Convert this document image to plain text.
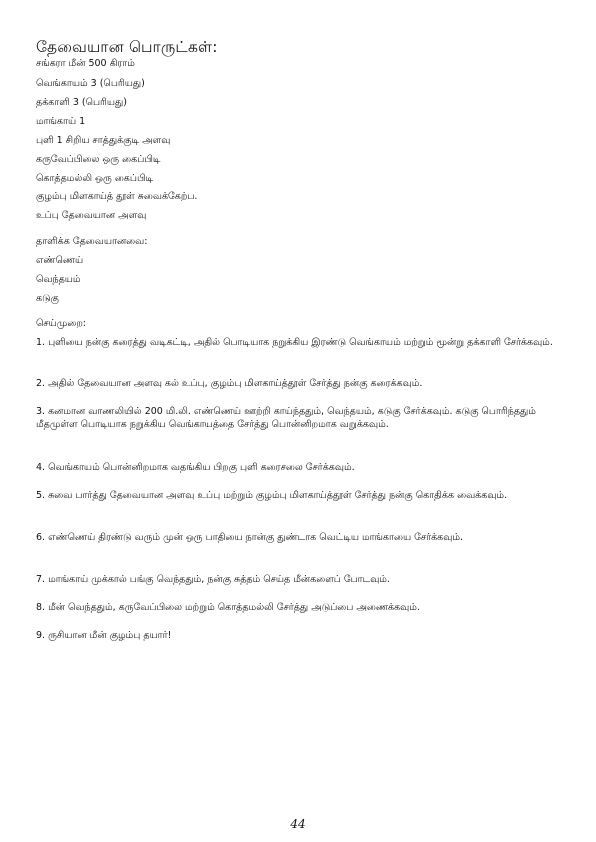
தேவையான பொருட்கள்:
சங்கரா மீன் 500 கிராம்
வெங்காயம் 3 (பெரியது)
தக்காளி 3 (பெரியது)
மாங்காய் 1
புளி 1 சிறிய சாத்துக்குடி அளவு
கருவேப்பிலை ஒரு கைப்பிடி
கொத்தமல்லி ஒரு கைப்பிடி
குழம்பு மிளகாய்த் தூள் சுவைக்கேற்ப.
உப்பு தேவையான அளவு
தாளிக்க தேவையானவை:
எண்ணெய்
வெந்தயம்
கடுகு
செய்முறை:
1. புளியை நன்கு கரைத்து வடிகட்டி, அதில் பொடியாக நறுக்கிய இரண்டு வெங்காயம் மற்றும் மூன்று தக்காளி சேர்க்கவும்.
2. அதில் தேவையான அளவு கல் உப்பு, குழம்பு மிளகாய்த்தூள் சேர்த்து நன்கு கரைக்கவும்.
3. கனமான வாணலியில் 200 மி.லி. எண்ணெய் ஊற்றி காய்ந்ததும், வெந்தயம், கடுகு சேர்க்கவும். கடுகு பொரிந்ததும் மீதமுள்ள பொடியாக நறுக்கிய வெங்காயத்தை சேர்த்து பொன்னிறமாக வறுக்கவும்.
4. வெங்காயம் பொன்னிறமாக வதங்கிய பிறகு புளி கரைசலை சேர்க்கவும்.
5. சுவை பார்த்து தேவையான அளவு உப்பு மற்றும் குழம்பு மிளகாய்த்தூள் சேர்த்து நன்கு கொதிக்க வைக்கவும்.
6. எண்ணெய் திரண்டு வரும் முன் ஒரு பாதியை நான்கு துண்டாக வெட்டிய மாங்காயை சேர்க்கவும்.
7. மாங்காய் முக்கால் பங்கு வெந்ததும், நன்கு சுத்தம் செய்த மீன்களைப் போடவும்.
8. மீன் வெந்ததும், கருவேப்பிலை மற்றும் கொத்தமல்லி சேர்த்து அடுப்பை அணைக்கவும்.
9. ருசியான மீன் குழம்பு தயார்!
44
